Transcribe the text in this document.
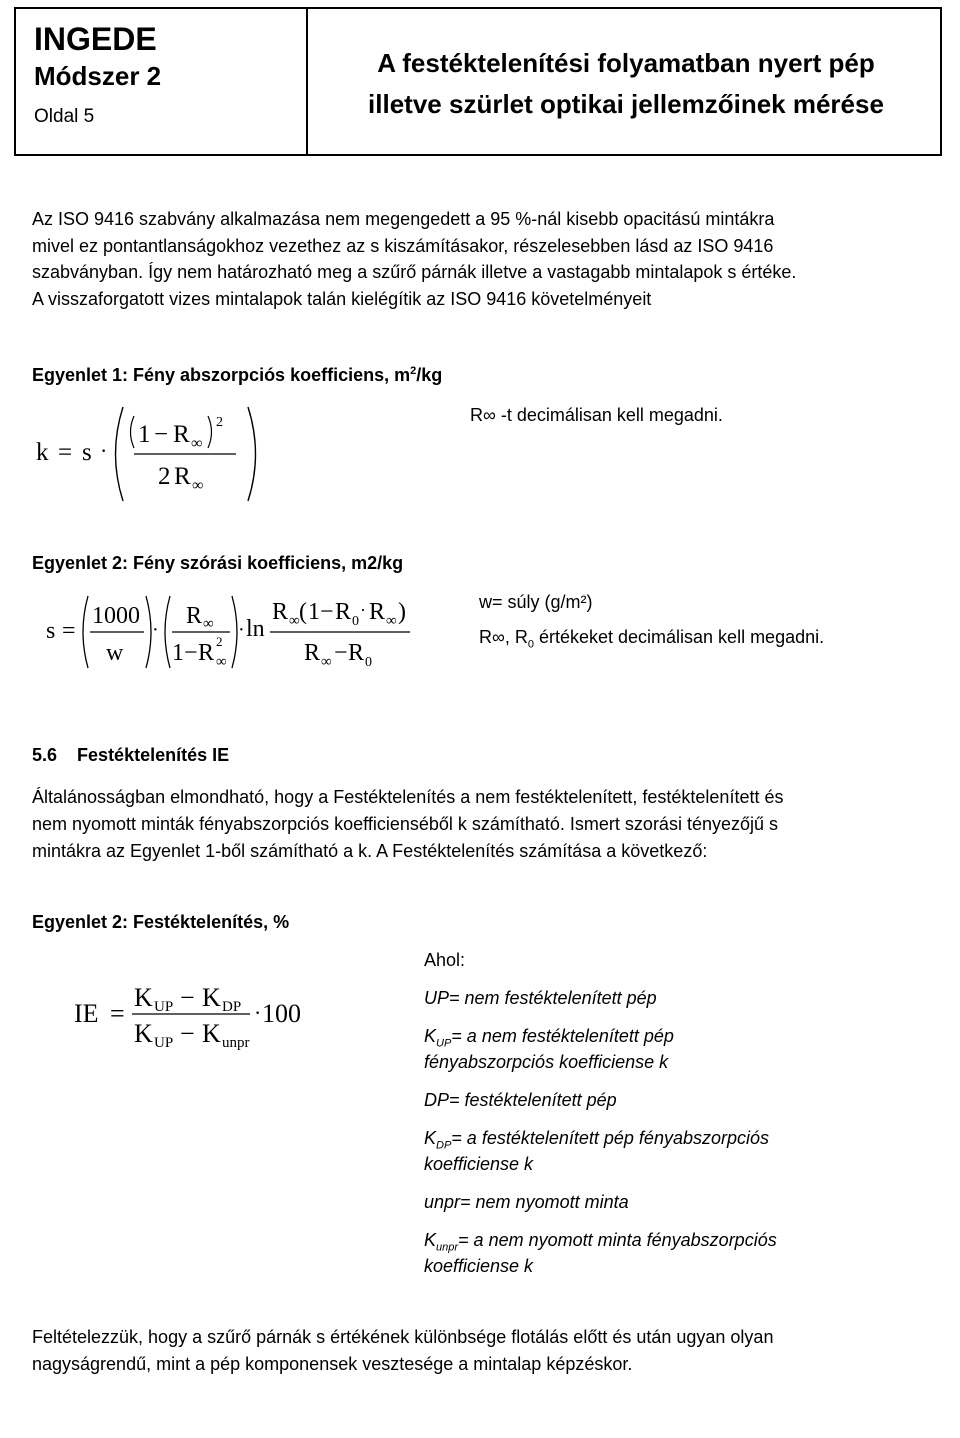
INGEDE
Módszer 2
Oldal 5
A festéktelenítési folyamatban nyert pép
illetve szürlet optikai jellemzőinek mérése
Az ISO 9416 szabvány alkalmazása nem megengedett a 95 %-nál kisebb opacitású mintákra
mivel ez pontantlanságokhoz vezethez az s kiszámításakor, részelesebben lásd az ISO 9416
szabványban. Így nem határozható meg a szűrő párnák illetve a vastagabb mintalapok s értéke.
A visszaforgatott vizes mintalapok talán kielégítik az ISO 9416 követelményeit
Egyenlet 1: Fény abszorpciós koefficiens, $m^2/kg$
k = s ·
1 − R ∞
2
2 R ∞
R∞ -t decimálisan kell megadni.
Egyenlet 2: Fény szórási koefficiens, m2/kg
s =
1000
w
·
R ∞
1 − R ∞
2
· ln
R ∞ ( 1 − R 0
· R ∞ )
R ∞ − R 0
w= súly (g/m²)
R∞, $R_0$ értékeket decimálisan kell megadni.
5.6 Festéktelenítés IE
Általánosságban elmondható, hogy a Festéktelenítés a nem festéktelenített, festéktelenített és
nem nyomott minták fényabszorpciós koefficienséből k számítható. Ismert szorási tényezőjű s
mintákra az Egyenlet 1-ből számítható a k. A Festéktelenítés számítása a következő:
Egyenlet 2: Festéktelenítés, %
IE =
K UP − K DP
K UP − K unpr
· 100
Ahol:
UP= nem festéktelenített pép
$K_{UP}= a$ nem festéktelenített pép
fényabszorpciós koefficiense k
DP= festéktelenített pép
$K_{DP}= a$ festéktelenített pép fényabszorpciós
koefficiense k
unpr= nem nyomott minta
$K_{unpr}= a$ nem nyomott minta fényabszorpciós
koefficiense k
Feltételezzük, hogy a szűrő párnák s értékének különbsége flotálás előtt és után ugyan olyan
nagyságrendű, mint a pép komponensek vesztesége a mintalap képzéskor.
